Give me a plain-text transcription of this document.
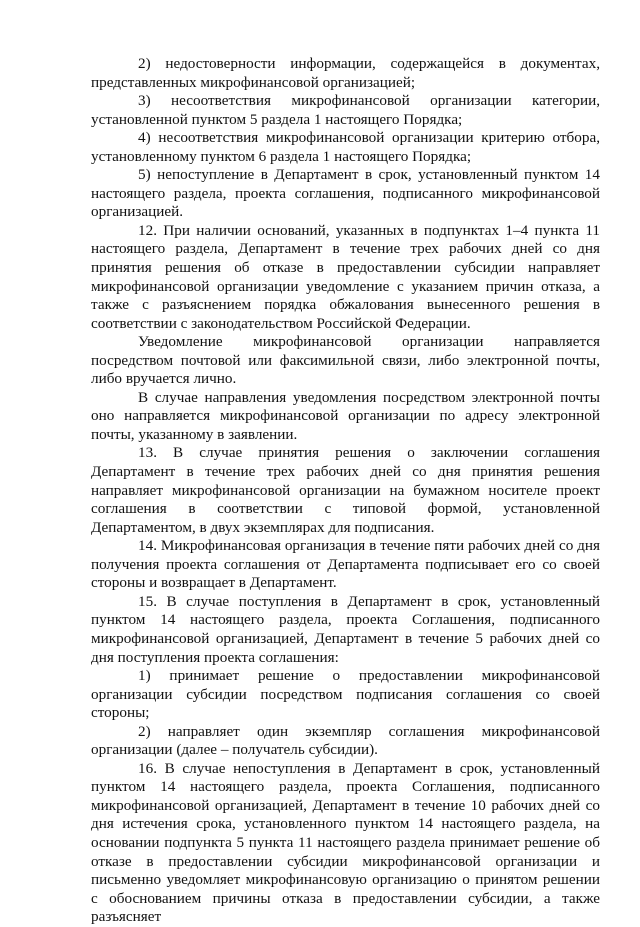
2) недостоверности информации, содержащейся в документах, представленных микрофинансовой организацией;

3) несоответствия микрофинансовой организации категории, установленной пунктом 5 раздела 1 настоящего Порядка;

4) несоответствия микрофинансовой организации критерию отбора, установленному пунктом 6 раздела 1 настоящего Порядка;

5) непоступление в Департамент в срок, установленный пунктом 14 настоящего раздела, проекта соглашения, подписанного микрофинансовой организацией.

12. При наличии оснований, указанных в подпунктах 1–4 пункта 11 настоящего раздела, Департамент в течение трех рабочих дней со дня принятия решения об отказе в предоставлении субсидии направляет микрофинансовой организации уведомление с указанием причин отказа, а также с разъяснением порядка обжалования вынесенного решения в соответствии с законодательством Российской Федерации.

Уведомление микрофинансовой организации направляется посредством почтовой или факсимильной связи, либо электронной почты, либо вручается лично.

В случае направления уведомления посредством электронной почты оно направляется микрофинансовой организации по адресу электронной почты, указанному в заявлении.

13. В случае принятия решения о заключении соглашения Департамент в течение трех рабочих дней со дня принятия решения направляет микрофинансовой организации на бумажном носителе проект соглашения в соответствии с типовой формой, установленной Департаментом, в двух экземплярах для подписания.

14. Микрофинансовая организация в течение пяти рабочих дней со дня получения проекта соглашения от Департамента подписывает его со своей стороны и возвращает в Департамент.

15. В случае поступления в Департамент в срок, установленный пунктом 14 настоящего раздела, проекта Соглашения, подписанного микрофинансовой организацией, Департамент в течение 5 рабочих дней со дня поступления проекта соглашения:

1) принимает решение о предоставлении микрофинансовой организации субсидии посредством подписания соглашения со своей стороны;

2) направляет один экземпляр соглашения микрофинансовой организации (далее – получатель субсидии).

16. В случае непоступления в Департамент в срок, установленный пунктом 14 настоящего раздела, проекта Соглашения, подписанного микрофинансовой организацией, Департамент в течение 10 рабочих дней со дня истечения срока, установленного пунктом 14 настоящего раздела, на основании подпункта 5 пункта 11 настоящего раздела принимает решение об отказе в предоставлении субсидии микрофинансовой организации и письменно уведомляет микрофинансовую организацию о принятом решении с обоснованием причины отказа в предоставлении субсидии, а также разъясняет
